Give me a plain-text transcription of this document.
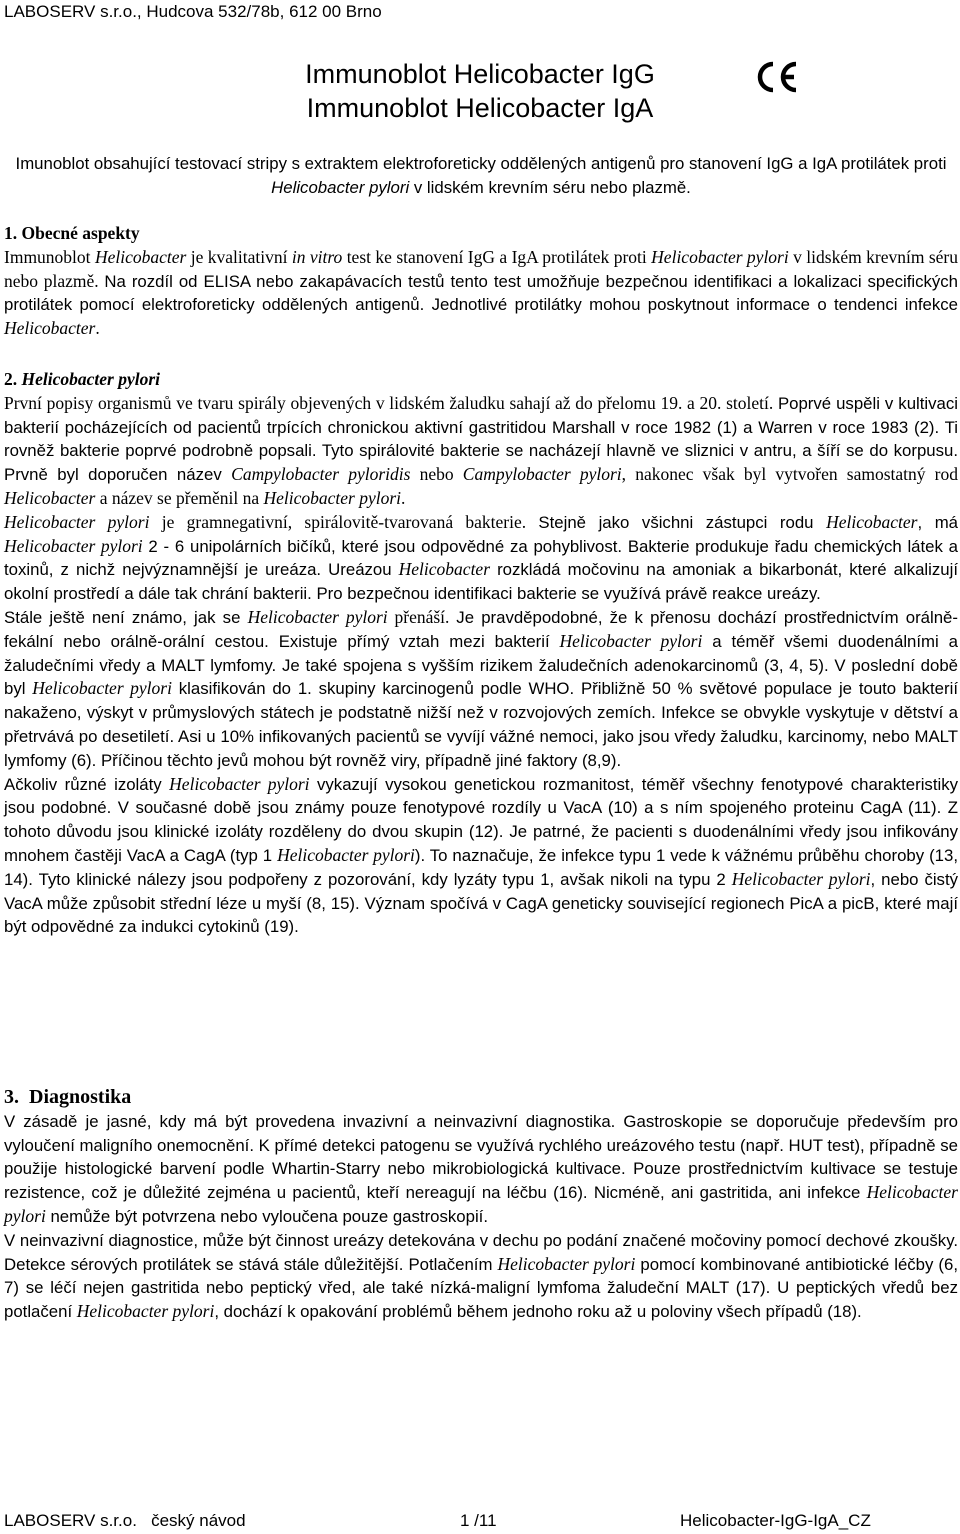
LABOSERV s.r.o., Hudcova 532/78b, 612 00 Brno
Immunoblot Helicobacter IgG
Immunoblot Helicobacter IgA
Imunoblot obsahující testovací stripy s extraktem elektroforeticky oddělených antigenů pro stanovení IgG a IgA protilátek proti Helicobacter pylori v lidském krevním séru nebo plazmě.

1. Obecné aspekty

Immunoblot Helicobacter je kvalitativní in vitro test ke stanovení IgG a IgA protilátek proti Helicobacter pylori v lidském krevním séru nebo plazmě. Na rozdíl od ELISA nebo zakapávacích testů tento test umožňuje bezpečnou identifikaci a lokalizaci specifických protilátek pomocí elektroforeticky oddělených antigenů. Jednotlivé protilátky mohou poskytnout informace o tendenci infekce Helicobacter.

2. Helicobacter pylori

První popisy organismů ve tvaru spirály objevených v lidském žaludku sahají až do přelomu 19. a 20. století. Poprvé uspěli v kultivaci bakterií pocházejících od pacientů trpících chronickou aktivní gastritidou Marshall v roce 1982 (1) a Warren v roce 1983 (2). Ti rovněž bakterie poprvé podrobně popsali. Tyto spirálovité bakterie se nacházejí hlavně ve sliznici v antru, a šíří se do korpusu. Prvně byl doporučen název Campylobacter pyloridis nebo Campylobacter pylori, nakonec však byl vytvořen samostatný rod Helicobacter a název se přeměnil na Helicobacter pylori.

Helicobacter pylori je gramnegativní, spirálovitě-tvarovaná bakterie. Stejně jako všichni zástupci rodu Helicobacter, má Helicobacter pylori 2 - 6 unipolárních bičíků, které jsou odpovědné za pohyblivost. Bakterie produkuje řadu chemických látek a toxinů, z nichž nejvýznamnější je ureáza. Ureázou Helicobacter rozkládá močovinu na amoniak a bikarbonát, které alkalizují okolní prostředí a dále tak chrání bakterii. Pro bezpečnou identifikaci bakterie se využívá právě reakce ureázy.

Stále ještě není známo, jak se Helicobacter pylori přenáší. Je pravděpodobné, že k přenosu dochází prostřednictvím orálně-fekální nebo orálně-orální cestou. Existuje přímý vztah mezi bakterií Helicobacter pylori a téměř všemi duodenálními a žaludečními vředy a MALT lymfomy. Je také spojena s vyšším rizikem žaludečních adenokarcinomů (3, 4, 5). V poslední době byl Helicobacter pylori klasifikován do 1. skupiny karcinogenů podle WHO. Přibližně 50 % světové populace je touto bakterií nakaženo, výskyt v průmyslových státech je podstatně nižší než v rozvojových zemích. Infekce se obvykle vyskytuje v dětství a přetrvává po desetiletí. Asi u 10% infikovaných pacientů se vyvíjí vážné nemoci, jako jsou vředy žaludku, karcinomy, nebo MALT lymfomy (6). Příčinou těchto jevů mohou být rovněž viry, případně jiné faktory (8,9).

Ačkoliv různé izoláty Helicobacter pylori vykazují vysokou genetickou rozmanitost, téměř všechny fenotypové charakteristiky jsou podobné. V současné době jsou známy pouze fenotypové rozdíly u VacA (10) a s ním spojeného proteinu CagA (11). Z tohoto důvodu jsou klinické izoláty rozděleny do dvou skupin (12). Je patrné, že pacienti s duodenálními vředy jsou infikovány mnohem častěji VacA a CagA (typ 1 Helicobacter pylori). To naznačuje, že infekce typu 1 vede k vážnému průběhu choroby (13, 14). Tyto klinické nálezy jsou podpořeny z pozorování, kdy lyzáty typu 1, avšak nikoli na typu 2 Helicobacter pylori, nebo čistý VacA může způsobit střední léze u myší (8, 15). Význam spočívá v CagA geneticky související regionech PicA a picB, které mají být odpovědné za indukci cytokinů (19).

3. Diagnostika

V zásadě je jasné, kdy má být provedena invazivní a neinvazivní diagnostika. Gastroskopie se doporučuje především pro vyloučení maligního onemocnění. K přímé detekci patogenu se využívá rychlého ureázového testu (např. HUT test), případně se použije histologické barvení podle Whartin-Starry nebo mikrobiologická kultivace. Pouze prostřednictvím kultivace se testuje rezistence, což je důležité zejména u pacientů, kteří nereagují na léčbu (16). Nicméně, ani gastritida, ani infekce Helicobacter pylori nemůže být potvrzena nebo vyloučena pouze gastroskopií.

V neinvazivní diagnostice, může být činnost ureázy detekována v dechu po podání značené močoviny pomocí dechové zkoušky. Detekce sérových protilátek se stává stále důležitější. Potlačením Helicobacter pylori pomocí kombinované antibiotické léčby (6, 7) se léčí nejen gastritida nebo peptický vřed, ale také nízká-maligní lymfoma žaludeční MALT (17). U peptických vředů bez potlačení Helicobacter pylori, dochází k opakování problémů během jednoho roku až u poloviny všech případů (18).

LABOSERV s.r.o.   český návod	1 /11	Helicobacter-IgG-IgA_CZ
